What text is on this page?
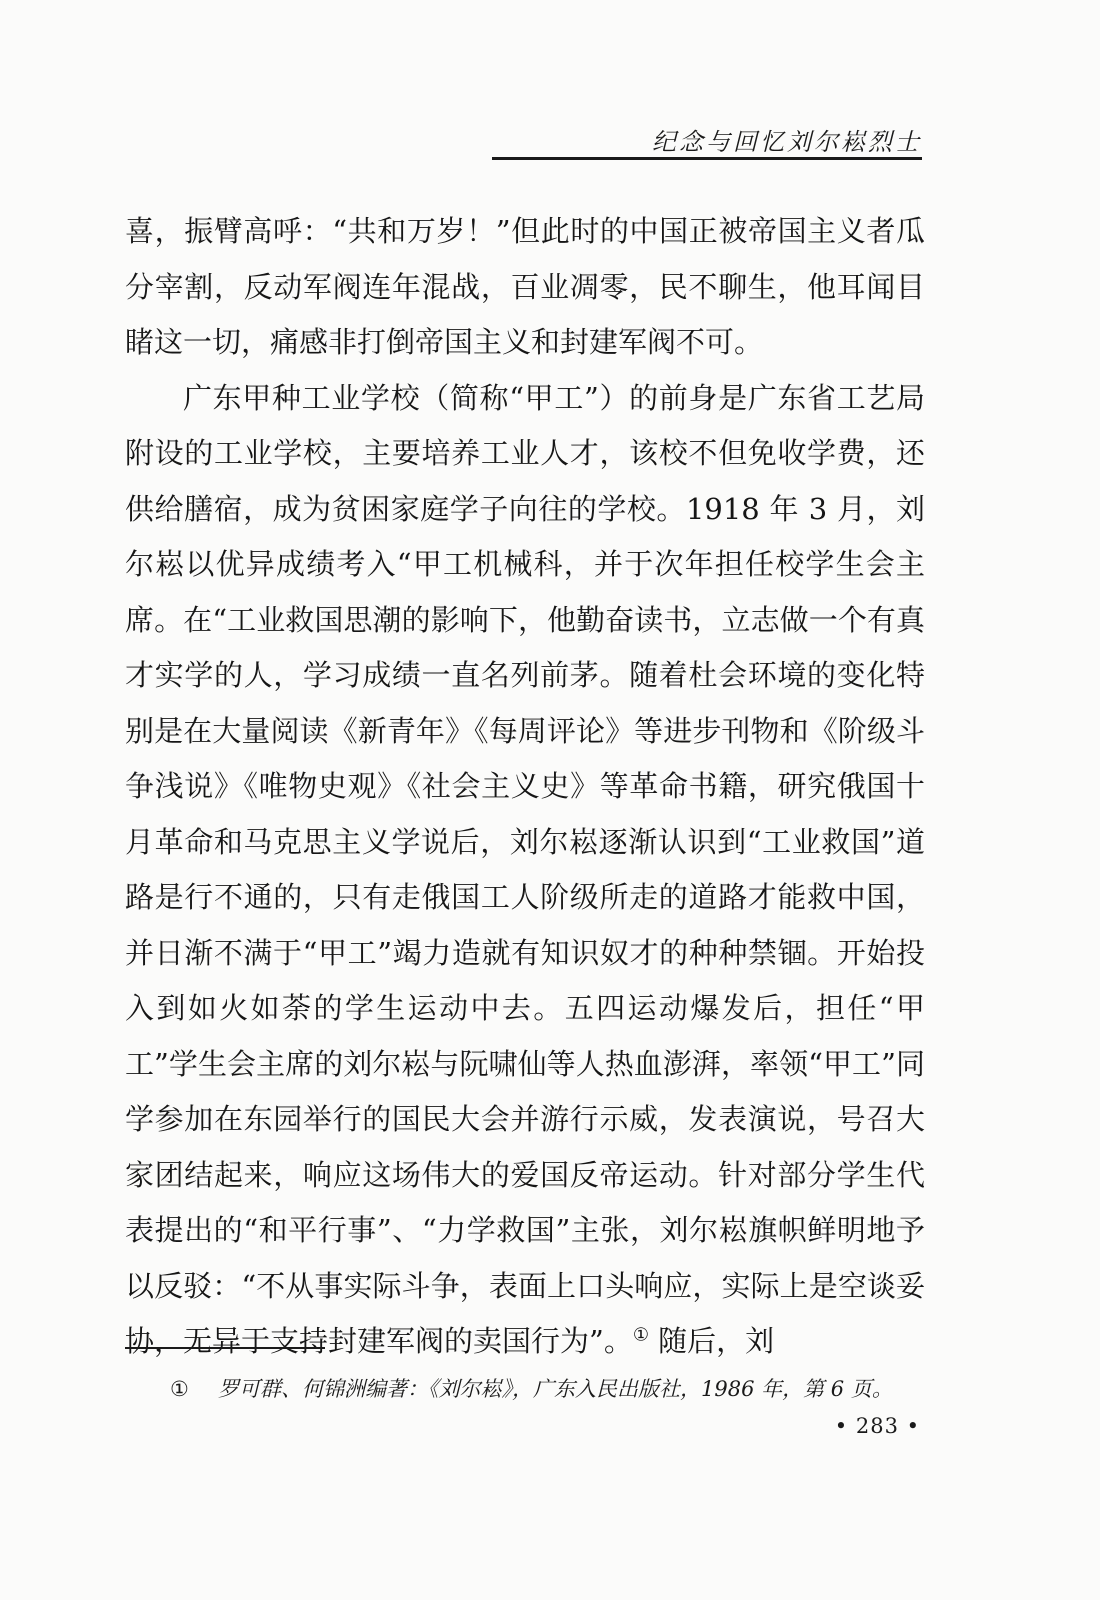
纪念与回忆刘尔崧烈士

喜，振臂高呼：“共和万岁！”但此时的中国正被帝国主义者瓜分宰割，反动军阀连年混战，百业凋零，民不聊生，他耳闻目睹这一切，痛感非打倒帝国主义和封建军阀不可。

广东甲种工业学校（简称“甲工”）的前身是广东省工艺局附设的工业学校，主要培养工业人才，该校不但免收学费，还供给膳宿，成为贫困家庭学子向往的学校。1918 年 3 月，刘尔崧以优异成绩考入“甲工机械科，并于次年担任校学生会主席。在“工业救国思潮的影响下，他勤奋读书，立志做一个有真才实学的人，学习成绩一直名列前茅。随着杜会环境的变化特别是在大量阅读《新青年》《每周评论》等进步刊物和《阶级斗争浅说》《唯物史观》《社会主义史》等革命书籍，研究俄国十月革命和马克思主义学说后，刘尔崧逐渐认识到“工业救国”道路是行不通的，只有走俄国工人阶级所走的道路才能救中国，并日渐不满于“甲工”竭力造就有知识奴才的种种禁锢。开始投入到如火如荼的学生运动中去。五四运动爆发后，担任“甲工”学生会主席的刘尔崧与阮啸仙等人热血澎湃，率领“甲工”同学参加在东园举行的国民大会并游行示威，发表演说，号召大家团结起来，响应这场伟大的爱国反帝运动。针对部分学生代表提出的“和平行事”、“力学救国”主张，刘尔崧旗帜鲜明地予以反驳：“不从事实际斗争，表面上口头响应，实际上是空谈妥协，无异于支持封建军阀的卖国行为”。① 随后，刘

① 罗可群、何锦洲编著：《刘尔崧》，广东入民出版社，1986 年，第 6 页。
• 283 •
